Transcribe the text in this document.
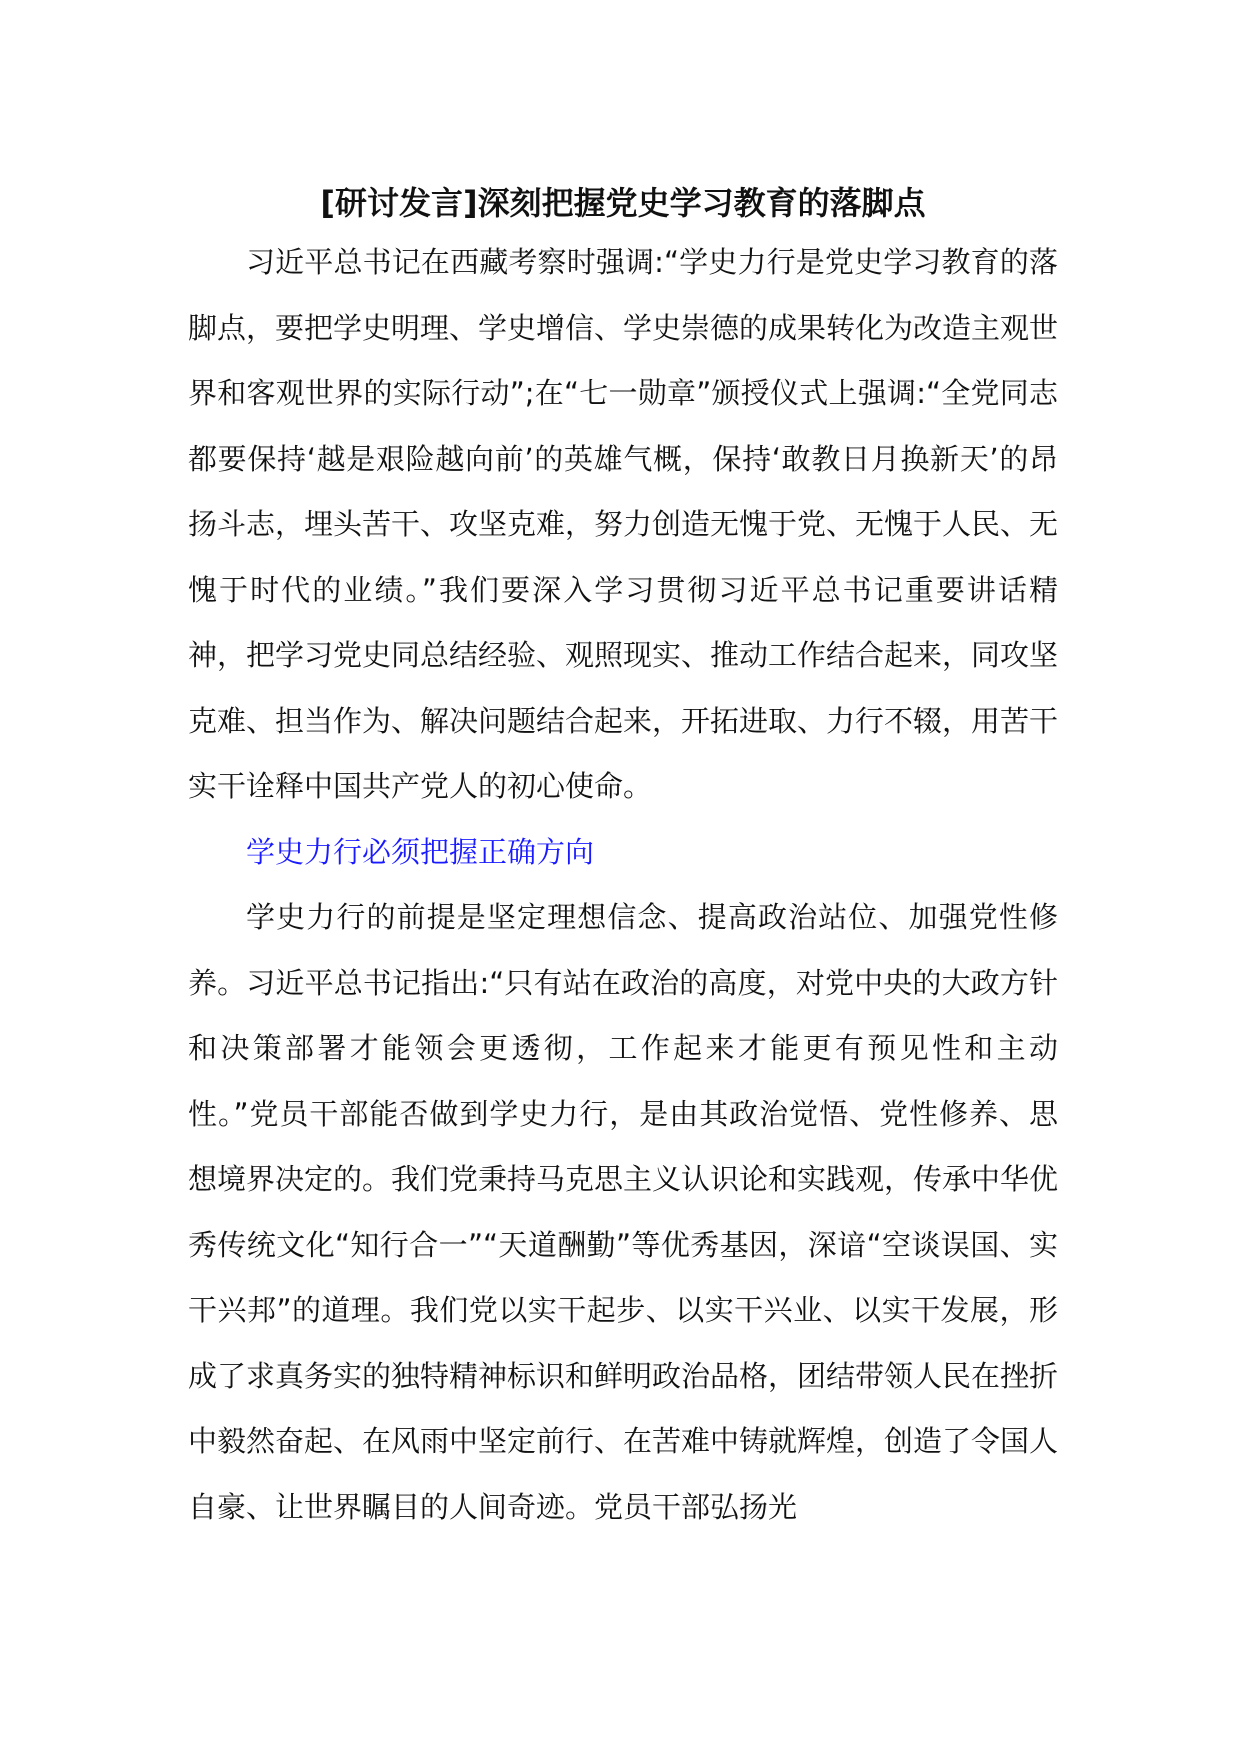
[研讨发言]深刻把握党史学习教育的落脚点

习近平总书记在西藏考察时强调:“学史力行是党史学习教育的落脚点，要把学史明理、学史增信、学史崇德的成果转化为改造主观世界和客观世界的实际行动”;在“七一勋章”颁授仪式上强调:“全党同志都要保持‘越是艰险越向前’的英雄气概，保持‘敢教日月换新天’的昂扬斗志，埋头苦干、攻坚克难，努力创造无愧于党、无愧于人民、无愧于时代的业绩。”我们要深入学习贯彻习近平总书记重要讲话精神，把学习党史同总结经验、观照现实、推动工作结合起来，同攻坚克难、担当作为、解决问题结合起来，开拓进取、力行不辍，用苦干实干诠释中国共产党人的初心使命。

学史力行必须把握正确方向

学史力行的前提是坚定理想信念、提高政治站位、加强党性修养。习近平总书记指出:“只有站在政治的高度，对党中央的大政方针和决策部署才能领会更透彻，工作起来才能更有预见性和主动性。”党员干部能否做到学史力行，是由其政治觉悟、党性修养、思想境界决定的。我们党秉持马克思主义认识论和实践观，传承中华优秀传统文化“知行合一”“天道酬勤”等优秀基因，深谙“空谈误国、实干兴邦”的道理。我们党以实干起步、以实干兴业、以实干发展，形成了求真务实的独特精神标识和鲜明政治品格，团结带领人民在挫折中毅然奋起、在风雨中坚定前行、在苦难中铸就辉煌，创造了令国人自豪、让世界瞩目的人间奇迹。党员干部弘扬光
